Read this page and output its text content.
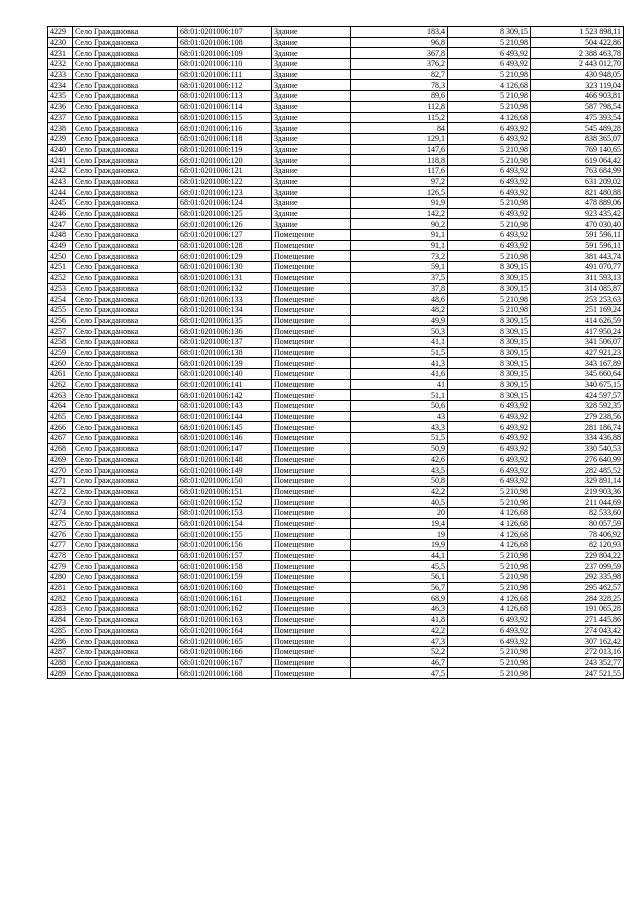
4229	Село Граждановка	68:01:0201006:107	Здание	183,4	8 309,15	1 523 898,11
4230	Село Граждановка	68:01:0201006:108	Здание	96,8	5 210,98	504 422,86
4231	Село Граждановка	68:01:0201006:109	Здание	367,8	6 493,92	2 388 463,78
4232	Село Граждановка	68:01:0201006:110	Здание	376,2	6 493,92	2 443 012,70
4233	Село Граждановка	68:01:0201006:111	Здание	82,7	5 210,98	430 948,05
4234	Село Граждановка	68:01:0201006:112	Здание	78,3	4 126,68	323 119,04
4235	Село Граждановка	68:01:0201006:113	Здание	89,6	5 210,98	466 903,81
4236	Село Граждановка	68:01:0201006:114	Здание	112,8	5 210,98	587 798,54
4237	Село Граждановка	68:01:0201006:115	Здание	115,2	4 126,68	475 393,54
4238	Село Граждановка	68:01:0201006:116	Здание	84	6 493,92	545 489,28
4239	Село Граждановка	68:01:0201006:118	Здание	129,1	6 493,92	838 365,07
4240	Село Граждановка	68:01:0201006:119	Здание	147,6	5 210,98	769 140,65
4241	Село Граждановка	68:01:0201006:120	Здание	118,8	5 210,98	619 064,42
4242	Село Граждановка	68:01:0201006:121	Здание	117,6	6 493,92	763 684,99
4243	Село Граждановка	68:01:0201006:122	Здание	97,2	6 493,92	631 209,02
4244	Село Граждановка	68:01:0201006:123	Здание	126,5	6 493,92	821 480,88
4245	Село Граждановка	68:01:0201006:124	Здание	91,9	5 210,98	478 889,06
4246	Село Граждановка	68:01:0201006:125	Здание	142,2	6 493,92	923 435,42
4247	Село Граждановка	68:01:0201006:126	Здание	90,2	5 210,98	470 030,40
4248	Село Граждановка	68:01:0201006:127	Помещение	91,1	6 493,92	591 596,11
4249	Село Граждановка	68:01:0201006:128	Помещение	91,1	6 493,92	591 596,11
4250	Село Граждановка	68:01:0201006:129	Помещение	73,2	5 210,98	381 443,74
4251	Село Граждановка	68:01:0201006:130	Помещение	59,1	8 309,15	491 070,77
4252	Село Граждановка	68:01:0201006:131	Помещение	37,5	8 309,15	311 593,13
4253	Село Граждановка	68:01:0201006:132	Помещение	37,8	8 309,15	314 085,87
4254	Село Граждановка	68:01:0201006:133	Помещение	48,6	5 210,98	253 253,63
4255	Село Граждановка	68:01:0201006:134	Помещение	48,2	5 210,98	251 169,24
4256	Село Граждановка	68:01:0201006:135	Помещение	49,9	8 309,15	414 626,59
4257	Село Граждановка	68:01:0201006:136	Помещение	50,3	8 309,15	417 950,24
4258	Село Граждановка	68:01:0201006:137	Помещение	41,1	8 309,15	341 506,07
4259	Село Граждановка	68:01:0201006:138	Помещение	51,5	8 309,15	427 921,23
4260	Село Граждановка	68:01:0201006:139	Помещение	41,3	8 309,15	343 167,89
4261	Село Граждановка	68:01:0201006:140	Помещение	41,6	8 309,15	345 660,64
4262	Село Граждановка	68:01:0201006:141	Помещение	41	8 309,15	340 675,15
4263	Село Граждановка	68:01:0201006:142	Помещение	51,1	8 309,15	424 597,57
4264	Село Граждановка	68:01:0201006:143	Помещение	50,6	6 493,92	328 592,35
4265	Село Граждановка	68:01:0201006:144	Помещение	43	6 493,92	279 238,56
4266	Село Граждановка	68:01:0201006:145	Помещение	43,3	6 493,92	281 186,74
4267	Село Граждановка	68:01:0201006:146	Помещение	51,5	6 493,92	334 436,88
4268	Село Граждановка	68:01:0201006:147	Помещение	50,9	6 493,92	330 540,53
4269	Село Граждановка	68:01:0201006:148	Помещение	42,6	6 493,92	276 640,99
4270	Село Граждановка	68:01:0201006:149	Помещение	43,5	6 493,92	282 485,52
4271	Село Граждановка	68:01:0201006:150	Помещение	50,8	6 493,92	329 891,14
4272	Село Граждановка	68:01:0201006:151	Помещение	42,2	5 210,98	219 903,36
4273	Село Граждановка	68:01:0201006:152	Помещение	40,5	5 210,98	211 044,69
4274	Село Граждановка	68:01:0201006:153	Помещение	20	4 126,68	82 533,60
4275	Село Граждановка	68:01:0201006:154	Помещение	19,4	4 126,68	80 057,59
4276	Село Граждановка	68:01:0201006:155	Помещение	19	4 126,68	78 406,92
4277	Село Граждановка	68:01:0201006:156	Помещение	19,9	4 126,68	82 120,93
4278	Село Граждановка	68:01:0201006:157	Помещение	44,1	5 210,98	229 804,22
4279	Село Граждановка	68:01:0201006:158	Помещение	45,5	5 210,98	237 099,59
4280	Село Граждановка	68:01:0201006:159	Помещение	56,1	5 210,98	292 335,98
4281	Село Граждановка	68:01:0201006:160	Помещение	56,7	5 210,98	295 462,57
4282	Село Граждановка	68:01:0201006:161	Помещение	68,9	4 126,68	284 328,25
4283	Село Граждановка	68:01:0201006:162	Помещение	46,3	4 126,68	191 065,28
4284	Село Граждановка	68:01:0201006:163	Помещение	41,8	6 493,92	271 445,86
4285	Село Граждановка	68:01:0201006:164	Помещение	42,2	6 493,92	274 043,42
4286	Село Граждановка	68:01:0201006:165	Помещение	47,3	6 493,92	307 162,42
4287	Село Граждановка	68:01:0201006:166	Помещение	52,2	5 210,98	272 013,16
4288	Село Граждановка	68:01:0201006:167	Помещение	46,7	5 210,98	243 352,77
4289	Село Граждановка	68:01:0201006:168	Помещение	47,5	5 210,98	247 521,55
